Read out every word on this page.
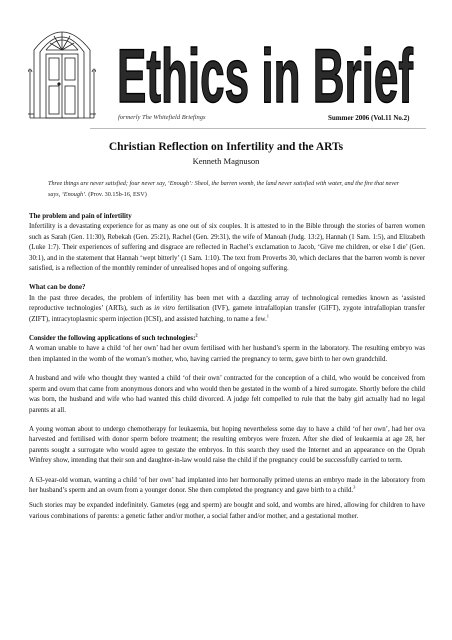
Ethics in Brief
formerly The Whitefield Briefings	Summer 2006 (Vol.11 No.2)
Christian Reflection on Infertility and the ARTs
Kenneth Magnuson
Three things are never satisfied; four never say, ‘Enough’: Sheol, the barren womb, the land never satisfied with water, and the fire that never says, ‘Enough’. (Prov. 30.15b-16, ESV)
The problem and pain of infertility

Infertility is a devastating experience for as many as one out of six couples. It is attested to in the Bible through the stories of barren women such as Sarah (Gen. 11:30), Rebekah (Gen. 25:21), Rachel (Gen. 29:31), the wife of Manoah (Judg. 13:2), Hannah (1 Sam. 1:5), and Elizabeth (Luke 1:7). Their experiences of suffering and disgrace are reflected in Rachel’s exclamation to Jacob, ‘Give me children, or else I die’ (Gen. 30:1), and in the statement that Hannah ‘wept bitterly’ (1 Sam. 1:10). The text from Proverbs 30, which declares that the barren womb is never satisfied, is a reflection of the monthly reminder of unrealised hopes and of ongoing suffering.

What can be done?

In the past three decades, the problem of infertility has been met with a dazzling array of technological remedies known as ‘assisted reproductive technologies’ (ARTs), such as in vitro fertilisation (IVF), gamete intrafallopian transfer (GIFT), zygote intrafallopian transfer (ZIFT), intracytoplasmic sperm injection (ICSI), and assisted hatching, to name a few.$^1$

Consider the following applications of such technologies:$^2$

A woman unable to have a child ‘of her own’ had her ovum fertilised with her husband’s sperm in the laboratory. The resulting embryo was then implanted in the womb of the woman’s mother, who, having carried the pregnancy to term, gave birth to her own grandchild.

A husband and wife who thought they wanted a child ‘of their own’ contracted for the conception of a child, who would be conceived from sperm and ovum that came from anonymous donors and who would then be gestated in the womb of a hired surrogate. Shortly before the child was born, the husband and wife who had wanted this child divorced. A judge felt compelled to rule that the baby girl actually had no legal parents at all.

A young woman about to undergo chemotherapy for leukaemia, but hoping nevertheless some day to have a child ‘of her own’, had her ova harvested and fertilised with donor sperm before treatment; the resulting embryos were frozen. After she died of leukaemia at age 28, her parents sought a surrogate who would agree to gestate the embryos. In this search they used the Internet and an appearance on the Oprah Winfrey show, intending that their son and daughter-in-law would raise the child if the pregnancy could be successfully carried to term.

A 63-year-old woman, wanting a child ‘of her own’ had implanted into her hormonally primed uterus an embryo made in the laboratory from her husband’s sperm and an ovum from a younger donor. She then completed the pregnancy and gave birth to a child.$^3$

Such stories may be expanded indefinitely. Gametes (egg and sperm) are bought and sold, and wombs are hired, allowing for children to have various combinations of parents: a genetic father and/or mother, a social father and/or mother, and a gestational mother.
